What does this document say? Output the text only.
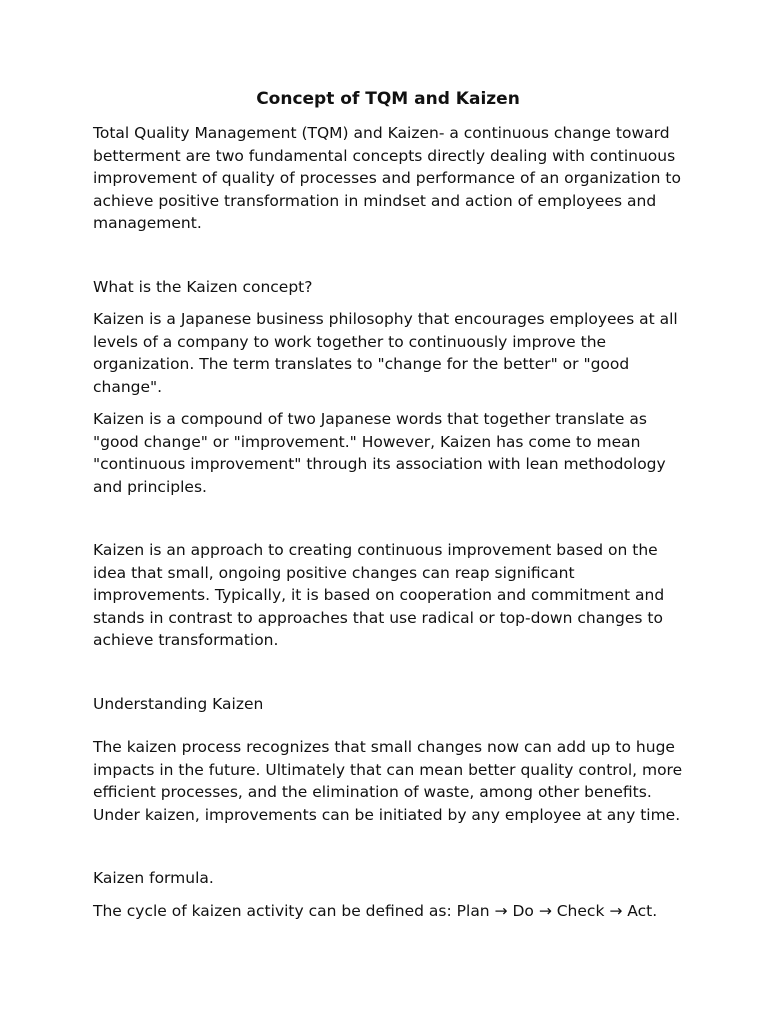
Concept of TQM and Kaizen

Total Quality Management (TQM) and Kaizen- a continuous change toward betterment are two fundamental concepts directly dealing with continuous improvement of quality of processes and performance of an organization to achieve positive transformation in mindset and action of employees and management.

What is the Kaizen concept?

Kaizen is a Japanese business philosophy that encourages employees at all levels of a company to work together to continuously improve the organization. The term translates to "change for the better" or "good change".

Kaizen is a compound of two Japanese words that together translate as "good change" or "improvement." However, Kaizen has come to mean "continuous improvement" through its association with lean methodology and principles.

Kaizen is an approach to creating continuous improvement based on the idea that small, ongoing positive changes can reap significant improvements. Typically, it is based on cooperation and commitment and stands in contrast to approaches that use radical or top-down changes to achieve transformation.

Understanding Kaizen

The kaizen process recognizes that small changes now can add up to huge impacts in the future. Ultimately that can mean better quality control, more efficient processes, and the elimination of waste, among other benefits. Under kaizen, improvements can be initiated by any employee at any time.

Kaizen formula.

The cycle of kaizen activity can be defined as: Plan → Do → Check → Act.
